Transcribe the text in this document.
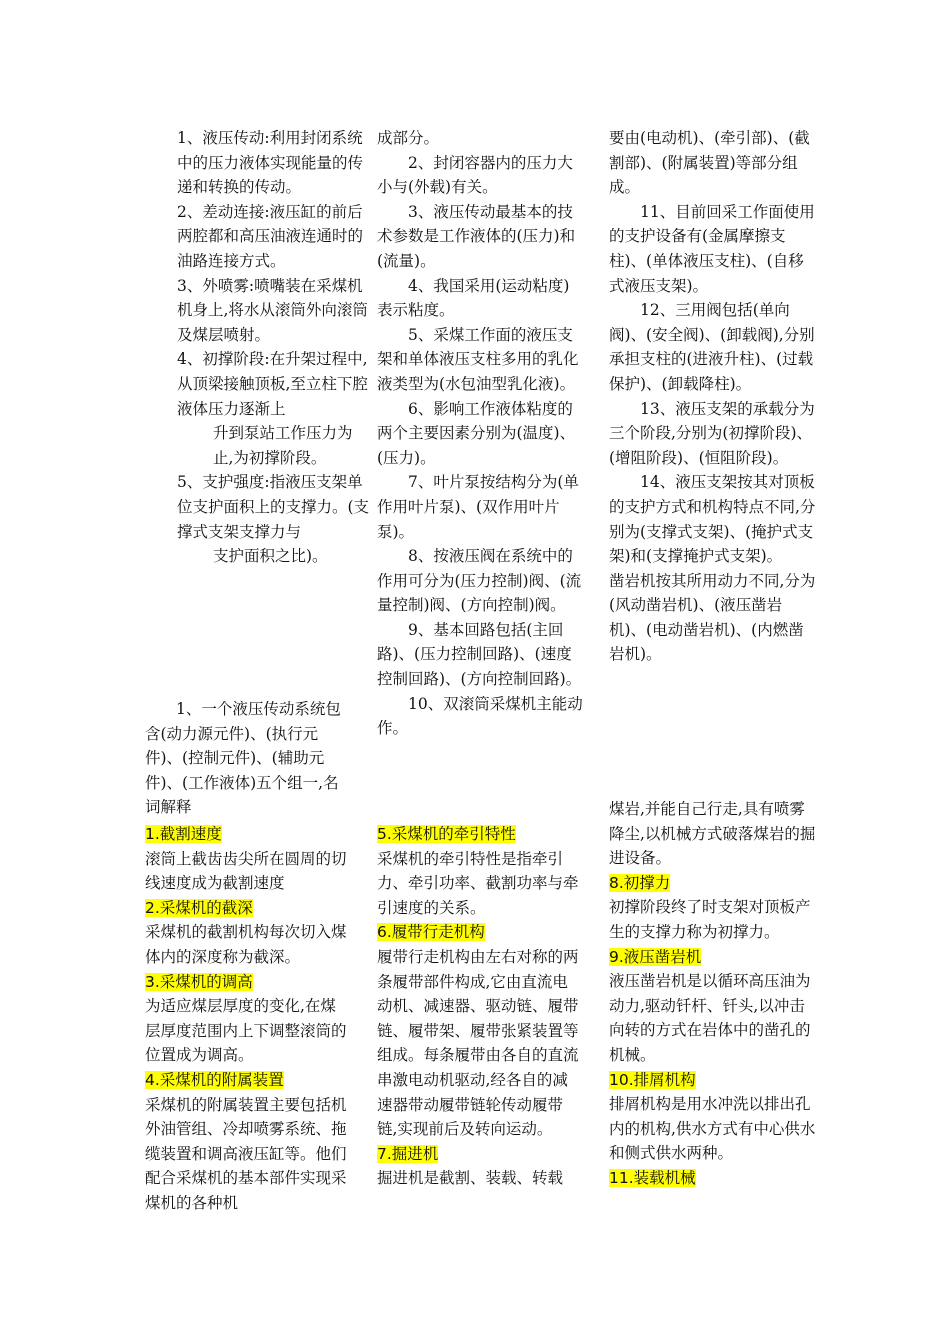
1、液压传动:利用封闭系统中的压力液体实现能量的传递和转换的传动。

2、差动连接:液压缸的前后两腔都和高压油液连通时的油路连接方式。

3、外喷雾:喷嘴装在采煤机机身上,将水从滚筒外向滚筒及煤层喷射。

4、初撑阶段:在升架过程中,从顶梁接触顶板,至立柱下腔液体压力逐渐上

升到泵站工作压力为止,为初撑阶段。

5、支护强度:指液压支架单位支护面积上的支撑力。(支撑式支架支撑力与

支护面积之比)。

1、一个液压传动系统包含(动力源元件)、(执行元件)、(控制元件)、(辅助元件)、(工作液体)五个组一,名词解释

成部分。

2、封闭容器内的压力大小与(外载)有关。

3、液压传动最基本的技术参数是工作液体的(压力)和(流量)。

4、我国采用(运动粘度)表示粘度。

5、采煤工作面的液压支架和单体液压支柱多用的乳化液类型为(水包油型乳化液)。

6、影响工作液体粘度的两个主要因素分别为(温度)、(压力)。

7、叶片泵按结构分为(单作用叶片泵)、(双作用叶片泵)。

8、按液压阀在系统中的作用可分为(压力控制)阀、(流量控制)阀、(方向控制)阀。

9、基本回路包括(主回路)、(压力控制回路)、(速度控制回路)、(方向控制回路)。

10、双滚筒采煤机主能动作。

要由(电动机)、(牵引部)、(截割部)、(附属装置)等部分组成。

11、目前回采工作面使用的支护设备有(金属摩擦支柱)、(单体液压支柱)、(自移式液压支架)。

12、三用阀包括(单向阀)、(安全阀)、(卸载阀),分别承担支柱的(进液升柱)、(过载保护)、(卸载降柱)。

13、液压支架的承载分为三个阶段,分别为(初撑阶段)、(增阻阶段)、(恒阻阶段)。

14、液压支架按其对顶板的支护方式和机构特点不同,分别为(支撑式支架)、(掩护式支架)和(支撑掩护式支架)。

凿岩机按其所用动力不同,分为(风动凿岩机)、(液压凿岩机)、(电动凿岩机)、(内燃凿岩机)。

1.截割速度

滚筒上截齿齿尖所在圆周的切线速度成为截割速度

2.采煤机的截深

采煤机的截割机构每次切入煤体内的深度称为截深。

3.采煤机的调高

为适应煤层厚度的变化,在煤层厚度范围内上下调整滚筒的位置成为调高。

4.采煤机的附属装置

采煤机的附属装置主要包括机外油管组、冷却喷雾系统、拖缆装置和调高液压缸等。他们配合采煤机的基本部件实现采煤机的各种机

5.采煤机的牵引特性

采煤机的牵引特性是指牵引力、牵引功率、截割功率与牵引速度的关系。

6.履带行走机构

履带行走机构由左右对称的两条履带部件构成,它由直流电动机、减速器、驱动链、履带链、履带架、履带张紧装置等组成。每条履带由各自的直流串激电动机驱动,经各自的减速器带动履带链轮传动履带链,实现前后及转向运动。

7.掘进机

掘进机是截割、装载、转载

煤岩,并能自己行走,具有喷雾降尘,以机械方式破落煤岩的掘进设备。

8.初撑力

初撑阶段终了时支架对顶板产生的支撑力称为初撑力。

9.液压凿岩机

液压凿岩机是以循环高压油为动力,驱动钎杆、钎头,以冲击向转的方式在岩体中的凿孔的机械。

10.排屑机构

排屑机构是用水冲洗以排出孔内的机构,供水方式有中心供水和侧式供水两种。

11.装载机械
